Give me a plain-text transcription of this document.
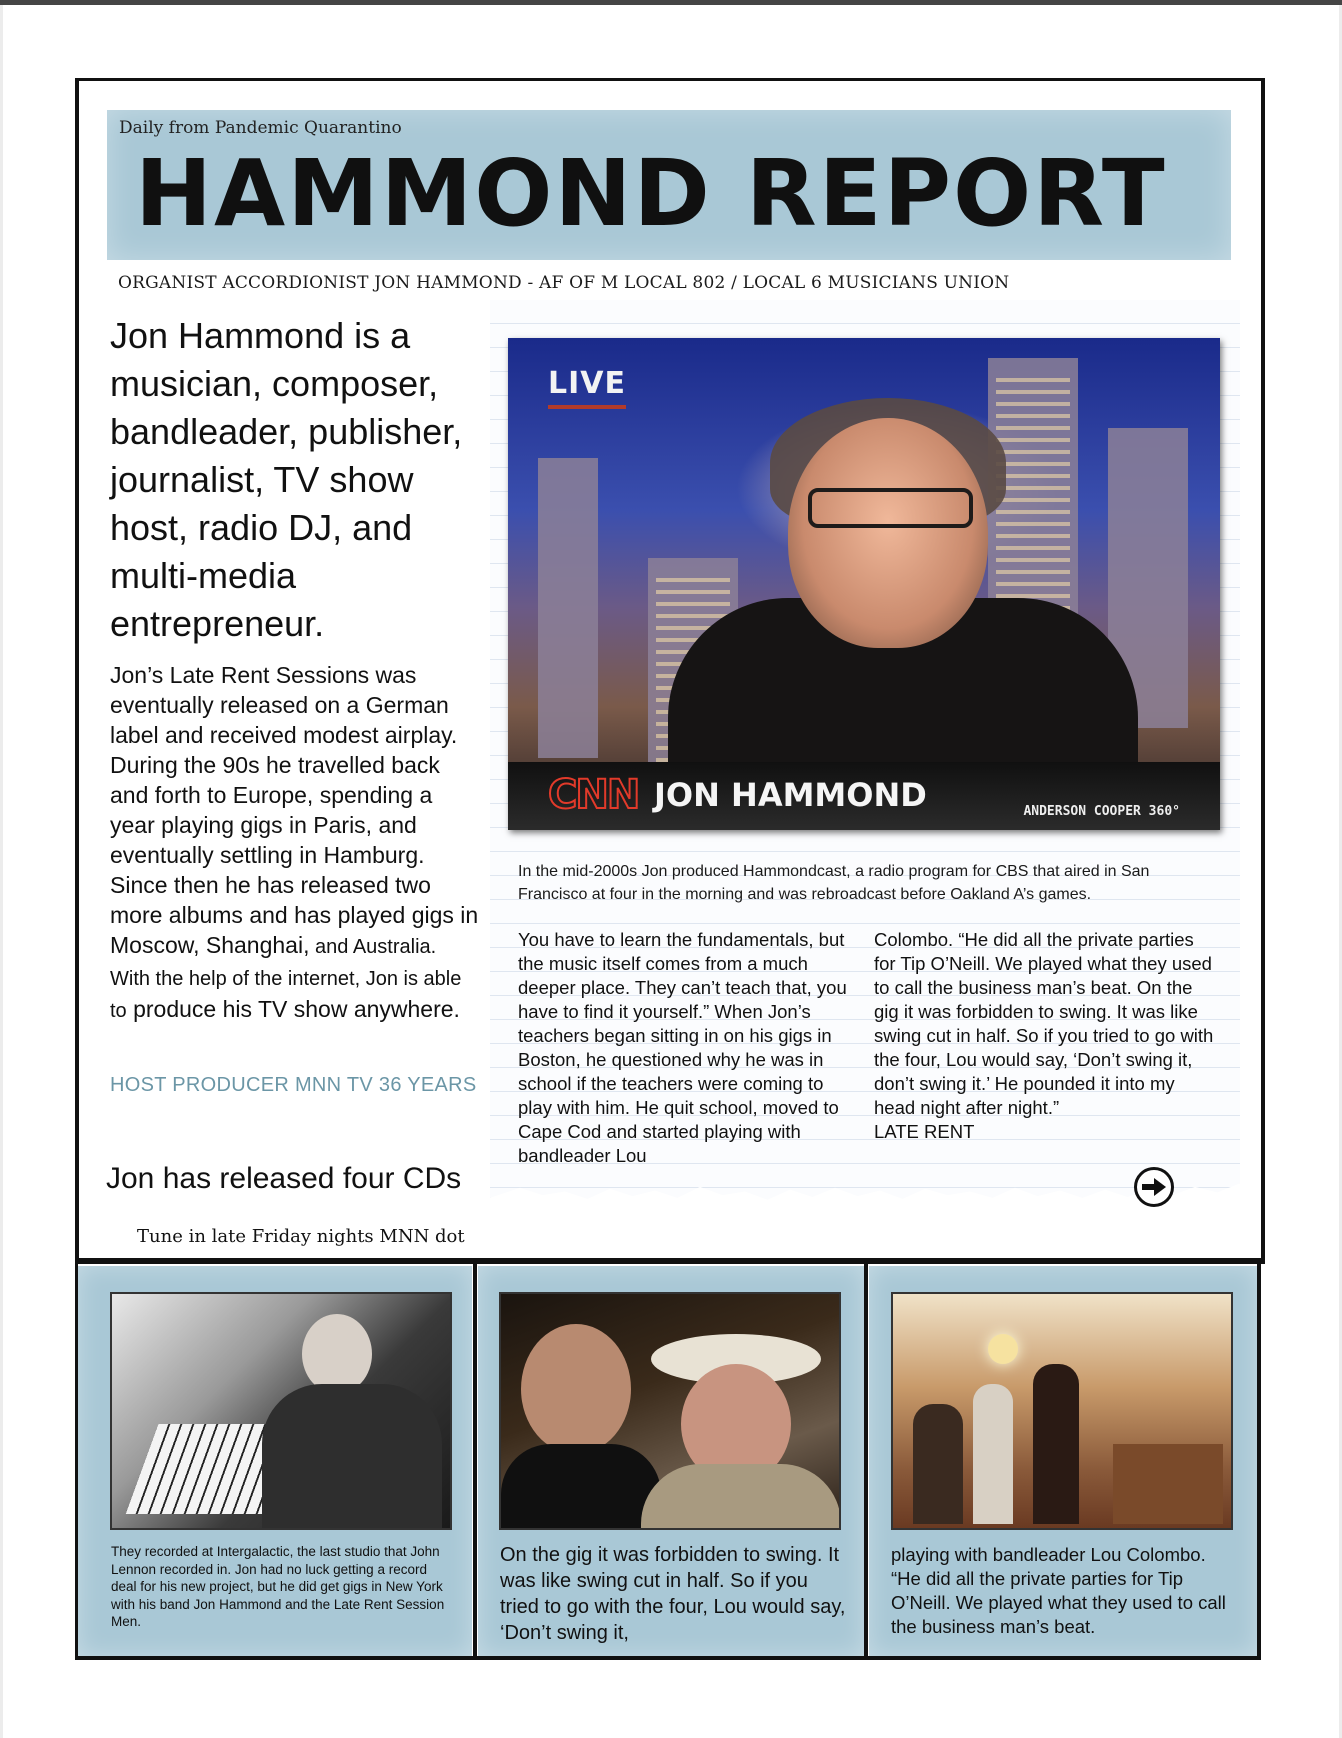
Daily from Pandemic Quarantino
HAMMOND REPORT
ORGANIST ACCORDIONIST JON HAMMOND - AF OF M LOCAL 802 / LOCAL 6 MUSICIANS UNION
Jon Hammond is a musician, composer, bandleader, publisher, journalist, TV show host, radio DJ, and multi-media entrepreneur.
Jon’s Late Rent Sessions was eventually released on a German label and received modest airplay. During the 90s he travelled back and forth to Europe, spending a year playing gigs in Paris, and eventually settling in Hamburg. Since then he has released two more albums and has played gigs in Moscow, Shanghai, and Australia. With the help of the internet, Jon is able to produce his TV show anywhere.
HOST PRODUCER MNN TV 36 YEARS
Jon has released four CDs
Tune in late Friday nights MNN dot
LIVE
CNN JON HAMMOND	ANDERSON COOPER 360°
In the mid-2000s Jon produced Hammondcast, a radio program for CBS that aired in San Francisco at four in the morning and was rebroadcast before Oakland A’s games.
You have to learn the fundamentals, but the music itself comes from a much deeper place. They can’t teach that, you have to find it yourself.” When Jon’s teachers began sitting in on his gigs in Boston, he questioned why he was in school if the teachers were coming to play with him. He quit school, moved to Cape Cod and started playing with bandleader Lou
Colombo. “He did all the private parties for Tip O’Neill. We played what they used to call the business man’s beat. On the gig it was forbidden to swing. It was like swing cut in half. So if you tried to go with the four, Lou would say, ‘Don’t swing it, don’t swing it.’ He pounded it into my head night after night.”
LATE RENT
They recorded at Intergalactic, the last studio that John Lennon recorded in. Jon had no luck getting a record deal for his new project, but he did get gigs in New York with his band Jon Hammond and the Late Rent Session Men.
On the gig it was forbidden to swing. It was like swing cut in half. So if you tried to go with the four, Lou would say, ‘Don’t swing it,
playing with bandleader Lou Colombo. “He did all the private parties for Tip O’Neill. We played what they used to call the business man’s beat.
